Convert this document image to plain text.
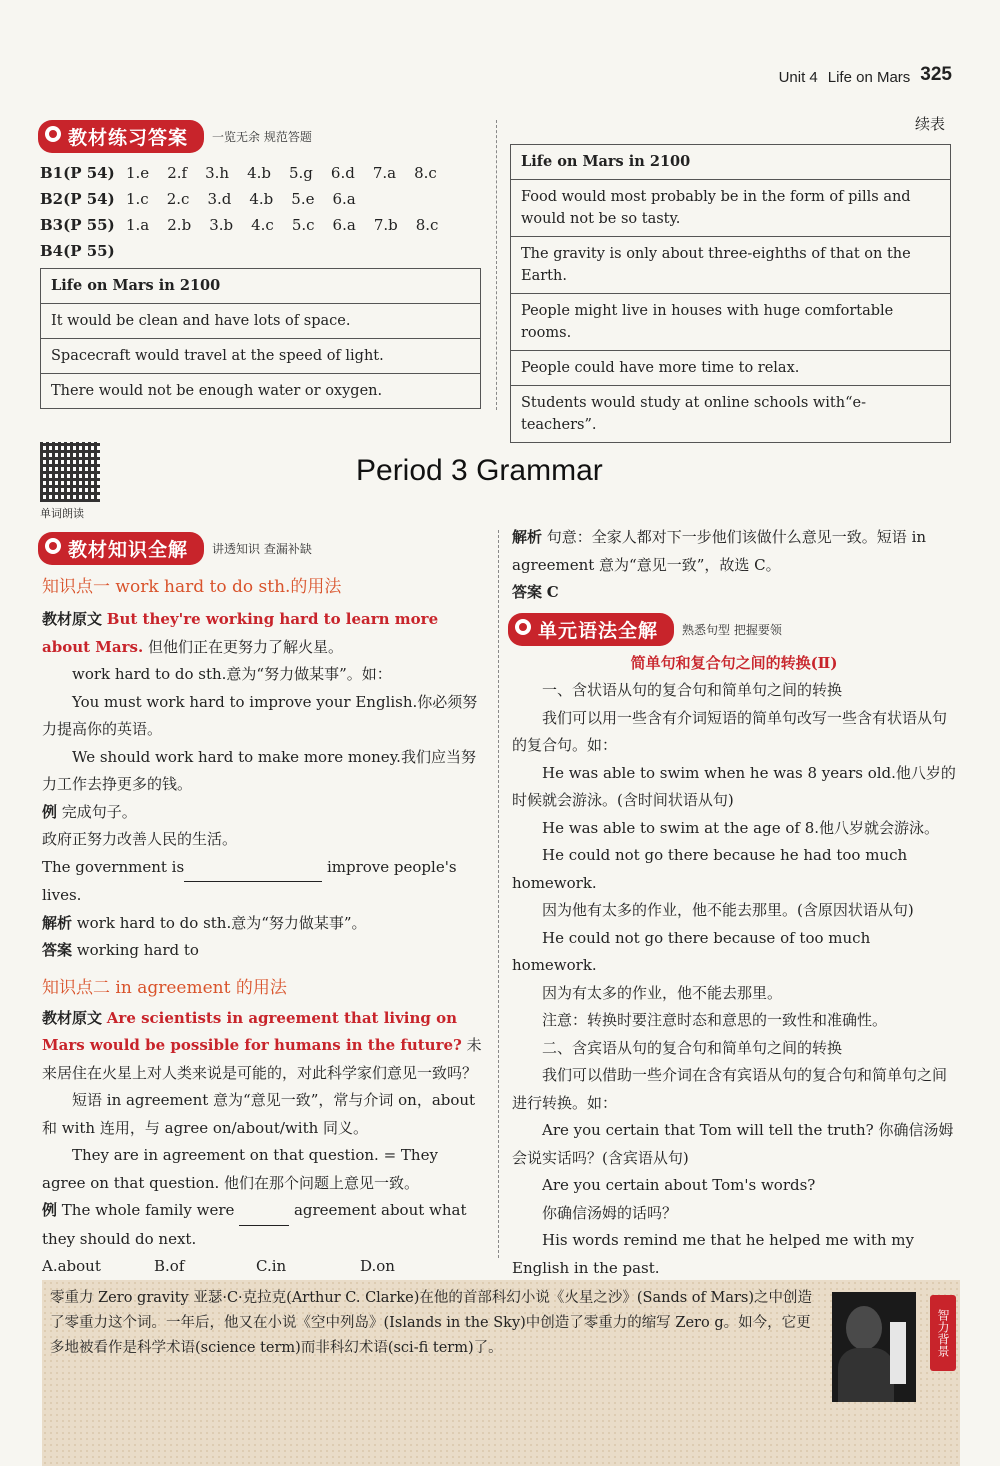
Unit 4 Life on Mars 325
教材练习答案	一览无余 规范答题
B1(P 54) 1.e 2.f 3.h 4.b 5.g 6.d 7.a 8.c
B2(P 54) 1.c 2.c 3.d 4.b 5.e 6.a
B3(P 55) 1.a 2.b 3.b 4.c 5.c 6.a 7.b 8.c
B4(P 55)
Life on Mars in 2100
It would be clean and have lots of space.
Spacecraft would travel at the speed of light.
There would not be enough water or oxygen.
续表
Life on Mars in 2100
Food would most probably be in the form of pills and would not be so tasty.
The gravity is only about three-eighths of that on the Earth.
People might live in houses with huge comfortable rooms.
People could have more time to relax.
Students would study at online schools with“e-teachers”.
单词朗读
Period 3 Grammar
教材知识全解	讲透知识 查漏补缺
知识点一 work hard to do sth.的用法
教材原文 But they're working hard to learn more about Mars. 但他们正在更努力了解火星。
work hard to do sth.意为“努力做某事”。如：
You must work hard to improve your English.你必须努力提高你的英语。
We should work hard to make more money.我们应当努力工作去挣更多的钱。
例 完成句子。
政府正努力改善人民的生活。
The government is	improve people's lives.
解析 work hard to do sth.意为“努力做某事”。
答案 working hard to
知识点二 in agreement 的用法
教材原文 Are scientists in agreement that living on Mars would be possible for humans in the future? 未来居住在火星上对人类来说是可能的，对此科学家们意见一致吗？
短语 in agreement 意为“意见一致”，常与介词 on，about 和 with 连用，与 agree on/about/with 同义。
They are in agreement on that question. = They agree on that question. 他们在那个问题上意见一致。
例 The whole family were	agreement about what they should do next.
A.about	B.of	C.in	D.on
解析 句意：全家人都对下一步他们该做什么意见一致。短语 in agreement 意为“意见一致”，故选 C。
答案 C
单元语法全解	熟悉句型 把握要领
简单句和复合句之间的转换(Ⅱ)
一、含状语从句的复合句和简单句之间的转换
我们可以用一些含有介词短语的简单句改写一些含有状语从句的复合句。如：
He was able to swim when he was 8 years old.他八岁的时候就会游泳。(含时间状语从句)
He was able to swim at the age of 8.他八岁就会游泳。
He could not go there because he had too much homework.
因为他有太多的作业，他不能去那里。(含原因状语从句)
He could not go there because of too much homework.
因为有太多的作业，他不能去那里。
注意：转换时要注意时态和意思的一致性和准确性。
二、含宾语从句的复合句和简单句之间的转换
我们可以借助一些介词在含有宾语从句的复合句和简单句之间进行转换。如：
Are you certain that Tom will tell the truth? 你确信汤姆会说实话吗？(含宾语从句)
Are you certain about Tom's words?
你确信汤姆的话吗？
His words remind me that he helped me with my English in the past.
零重力 Zero gravity 亚瑟·C·克拉克(Arthur C. Clarke)在他的首部科幻小说《火星之沙》(Sands of Mars)之中创造了零重力这个词。一年后，他又在小说《空中列岛》(Islands in the Sky)中创造了零重力的缩写 Zero g。如今，它更多地被看作是科学术语(science term)而非科幻术语(sci-fi term)了。	智力背景
